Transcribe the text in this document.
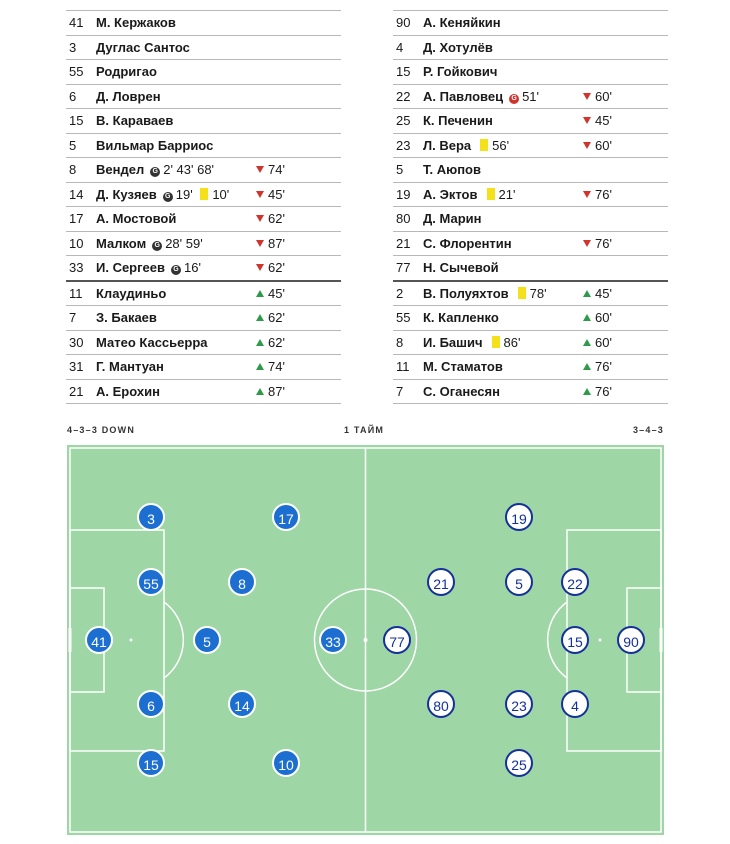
41 М. Кержаков
3 Дуглас Сантос
55 Родригао
6 Д. Ловрен
15 В. Караваев
5 Вильмар Барриос
8 Вендел G 2' 43' 68'	74'
14 Д. Кузяев G 19' 10'	45'
17 А. Мостовой	62'
10 Малком G 28' 59'	87'
33 И. Сергеев G 16'	62'
11 Клаудиньо	45'
7 З. Бакаев	62'
30 Матео Кассьерра	62'
31 Г. Мантуан	74'
21 А. Ерохин	87'
90 А. Кеняйкин
4 Д. Хотулёв
15 Р. Гойкович
22 А. Павловец G 51'	60'
25 К. Печенин	45'
23 Л. Вера 56'	60'
5 Т. Аюпов
19 А. Эктов 21'	76'
80 Д. Марин
21 С. Флорентин	76'
77 Н. Сычевой
2 В. Полуяхтов 78'	45'
55 К. Капленко	60'
8 И. Башич 86'	60'
11 М. Стаматов	76'
7 С. Оганесян	76'
4–3–3 DOWN	1 ТАЙМ	3–4–3
41
3
55
6
15
17
8
5
14
10
33	77
19
21	5
80	23
25
22
15
4
90
